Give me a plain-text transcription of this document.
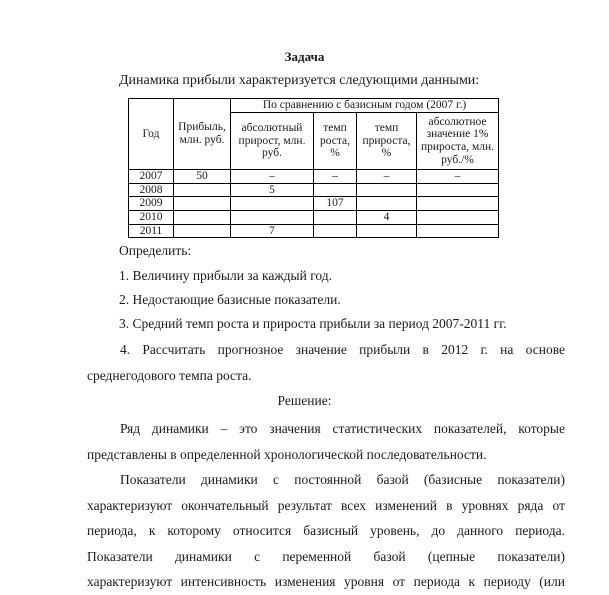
Задача
Динамика прибыли характеризуется следующими данными:
Год	Прибыль, млн. руб.	По сравнению с базисным годом (2007 г.)			
		абсолютный прирост, млн. руб.	темп роста, %	темп прироста, %	абсолютное значение 1% прироста, млн. руб./%
2007	50	–	–	–	–
2008		5			
2009			107		
2010				4	
2011		7			
Определить:
1. Величину прибыли за каждый год.
2. Недостающие базисные показатели.
3. Средний темп роста и прироста прибыли за период 2007-2011 гг.
4. Рассчитать прогнозное значение прибыли в 2012 г. на основе
среднегодового темпа роста.
Решение:
Ряд динамики – это значения статистических показателей, которые
представлены в определенной хронологической последовательности.
Показатели динамики с постоянной базой (базисные показатели)
характеризуют окончательный результат всех изменений в уровнях ряда от
периода, к которому относится базисный уровень, до данного периода.
Показатели динамики с переменной базой (цепные показатели)
характеризуют интенсивность изменения уровня от периода к периоду (или
